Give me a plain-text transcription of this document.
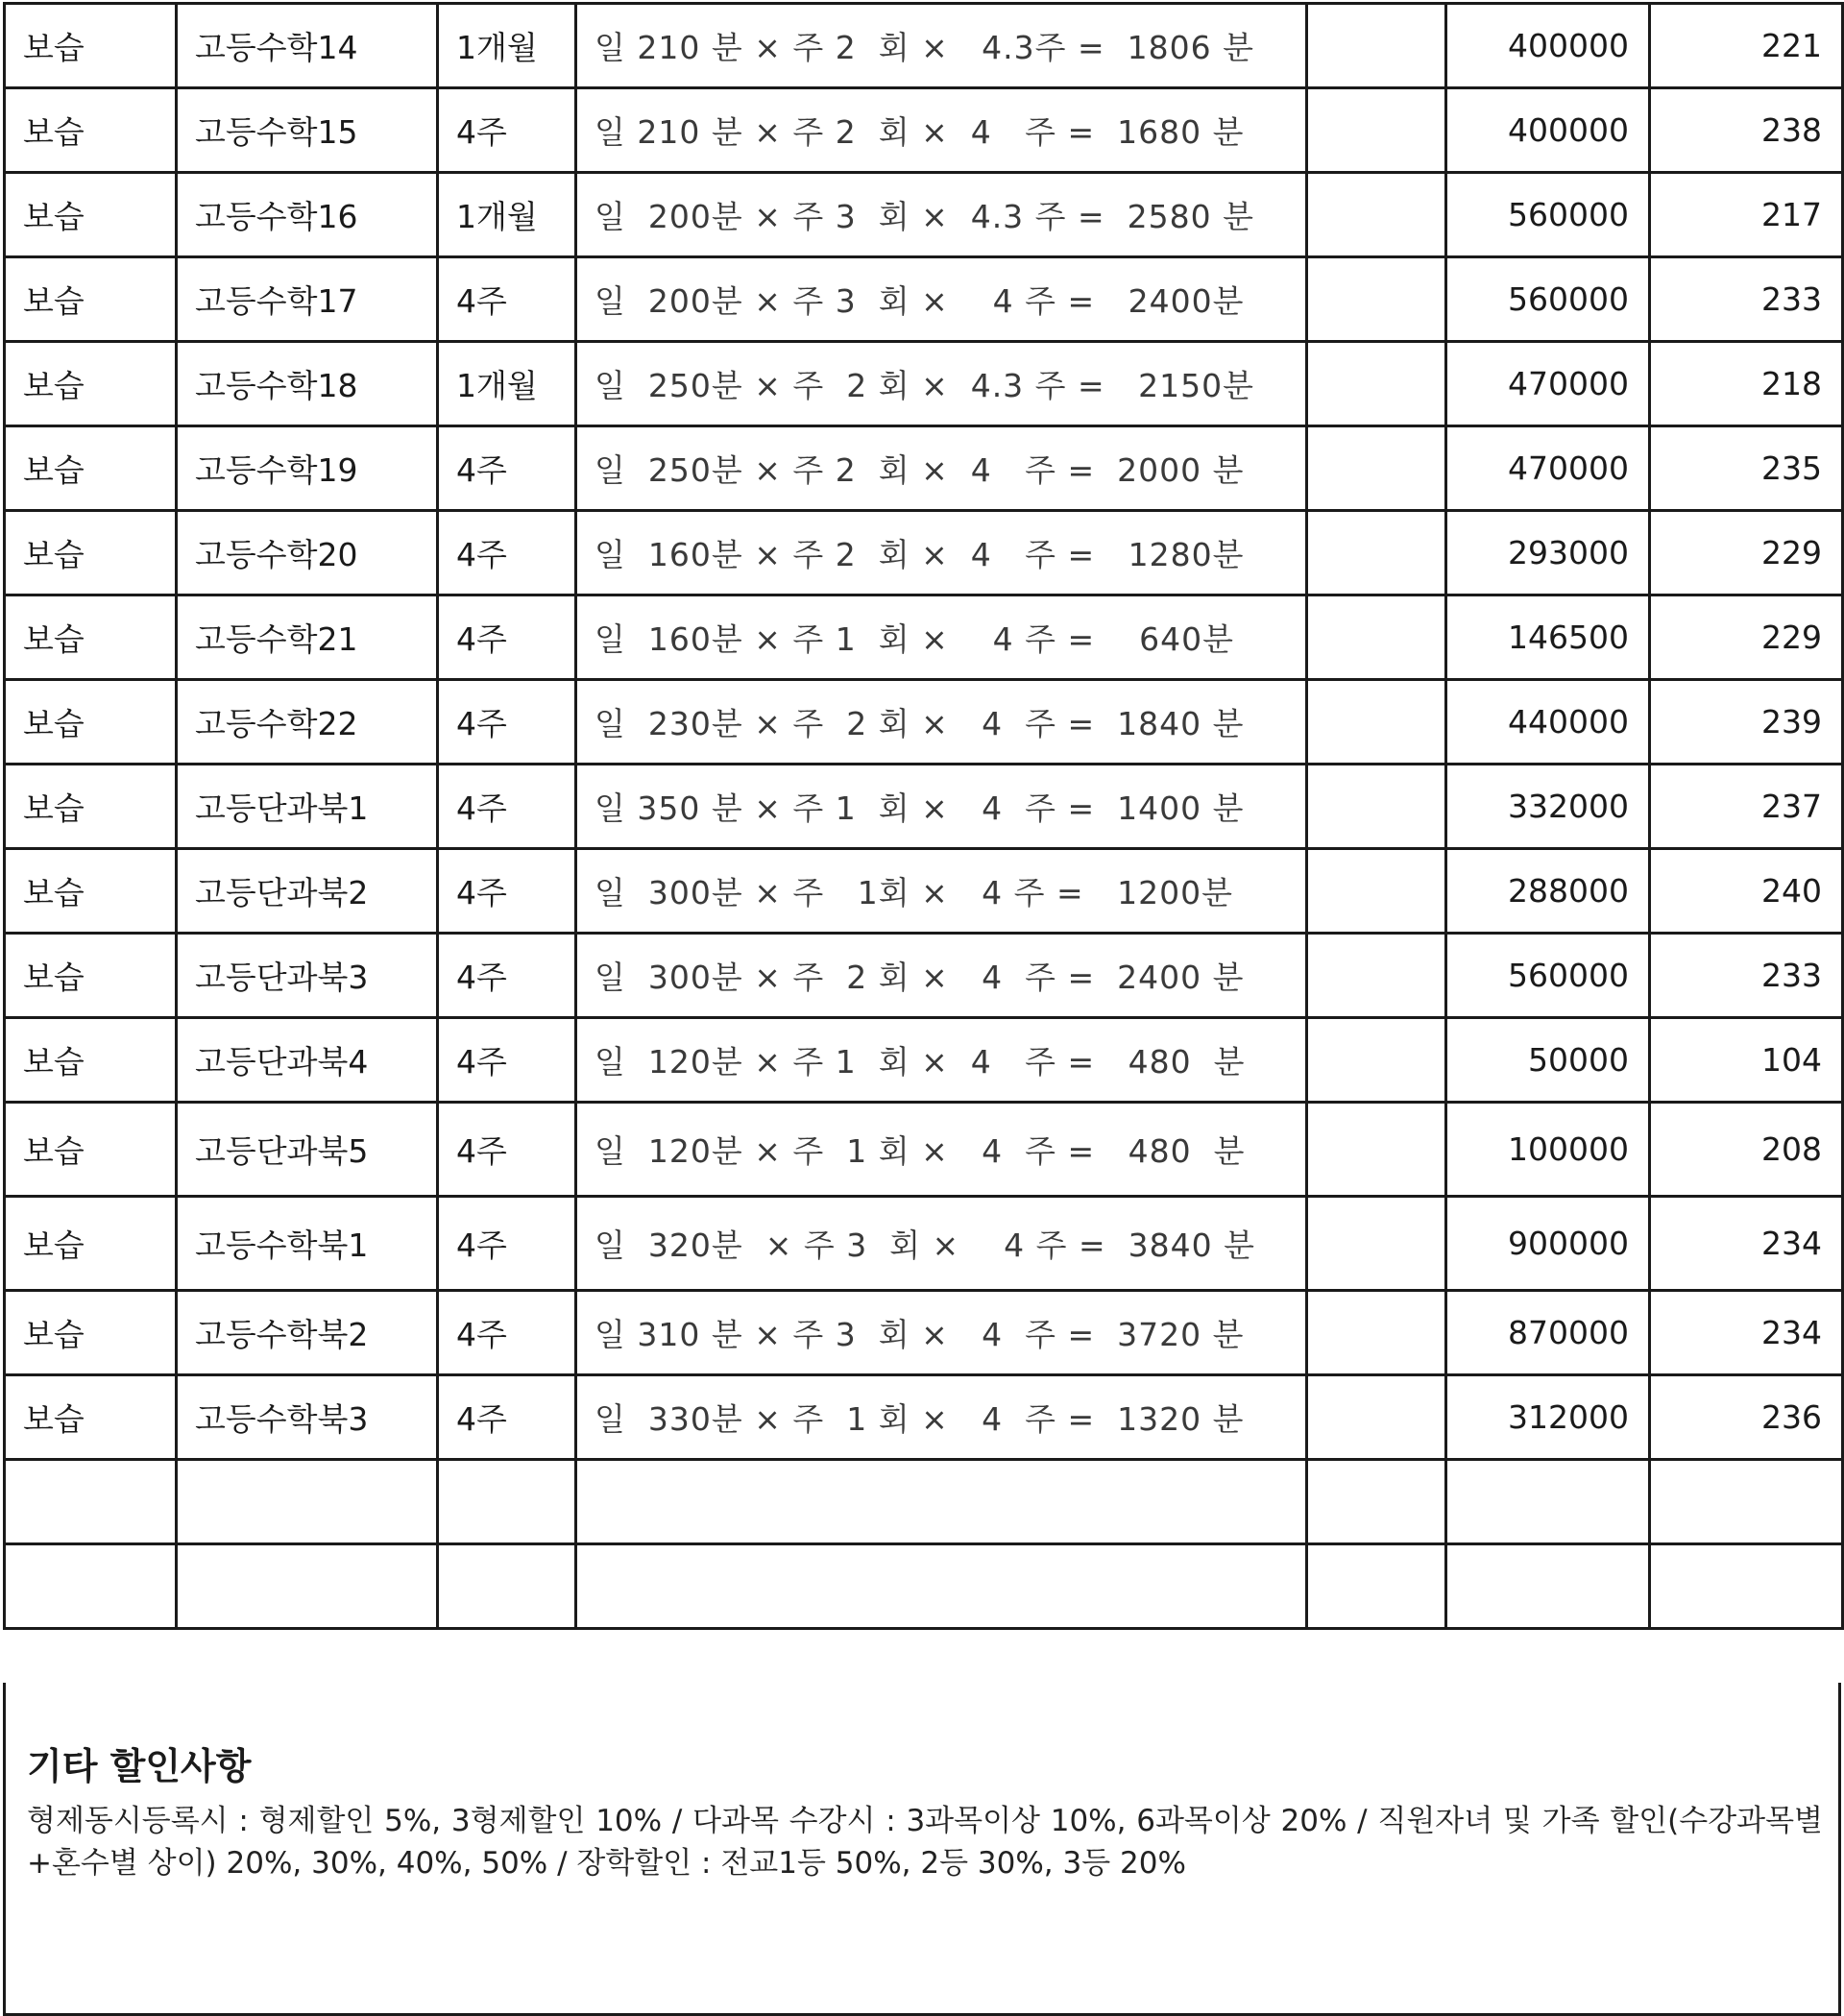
보습	고등수학14	1개월	일 210 분 × 주 2  회 ×   4.3주 =  1806 분		400000	221
보습	고등수학15	4주	일 210 분 × 주 2  회 ×  4   주 =  1680 분		400000	238
보습	고등수학16	1개월	일  200분 × 주 3  회 ×  4.3 주 =  2580 분		560000	217
보습	고등수학17	4주	일  200분 × 주 3  회 ×    4 주 =   2400분		560000	233
보습	고등수학18	1개월	일  250분 × 주  2 회 ×  4.3 주 =   2150분		470000	218
보습	고등수학19	4주	일  250분 × 주 2  회 ×  4   주 =  2000 분		470000	235
보습	고등수학20	4주	일  160분 × 주 2  회 ×  4   주 =   1280분		293000	229
보습	고등수학21	4주	일  160분 × 주 1  회 ×    4 주 =    640분		146500	229
보습	고등수학22	4주	일  230분 × 주  2 회 ×   4  주 =  1840 분		440000	239
보습	고등단과북1	4주	일 350 분 × 주 1  회 ×   4  주 =  1400 분		332000	237
보습	고등단과북2	4주	일  300분 × 주   1회 ×   4 주 =   1200분		288000	240
보습	고등단과북3	4주	일  300분 × 주  2 회 ×   4  주 =  2400 분		560000	233
보습	고등단과북4	4주	일  120분 × 주 1  회 ×  4   주 =   480  분		50000	104
보습	고등단과북5	4주	일  120분 × 주  1 회 ×   4  주 =   480  분		100000	208
보습	고등수학북1	4주	일  320분  × 주 3  회 ×    4 주 =  3840 분		900000	234
보습	고등수학북2	4주	일 310 분 × 주 3  회 ×   4  주 =  3720 분		870000	234
보습	고등수학북3	4주	일  330분 × 주  1 회 ×   4  주 =  1320 분		312000	236

기타 할인사항

형제동시등록시 : 형제할인 5%, 3형제할인 10% / 다과목 수강시 : 3과목이상 10%, 6과목이상 20% / 직원자녀 및 가족 할인(수강과목별+혼수별 상이) 20%, 30%, 40%, 50% / 장학할인 : 전교1등 50%, 2등 30%, 3등 20%
